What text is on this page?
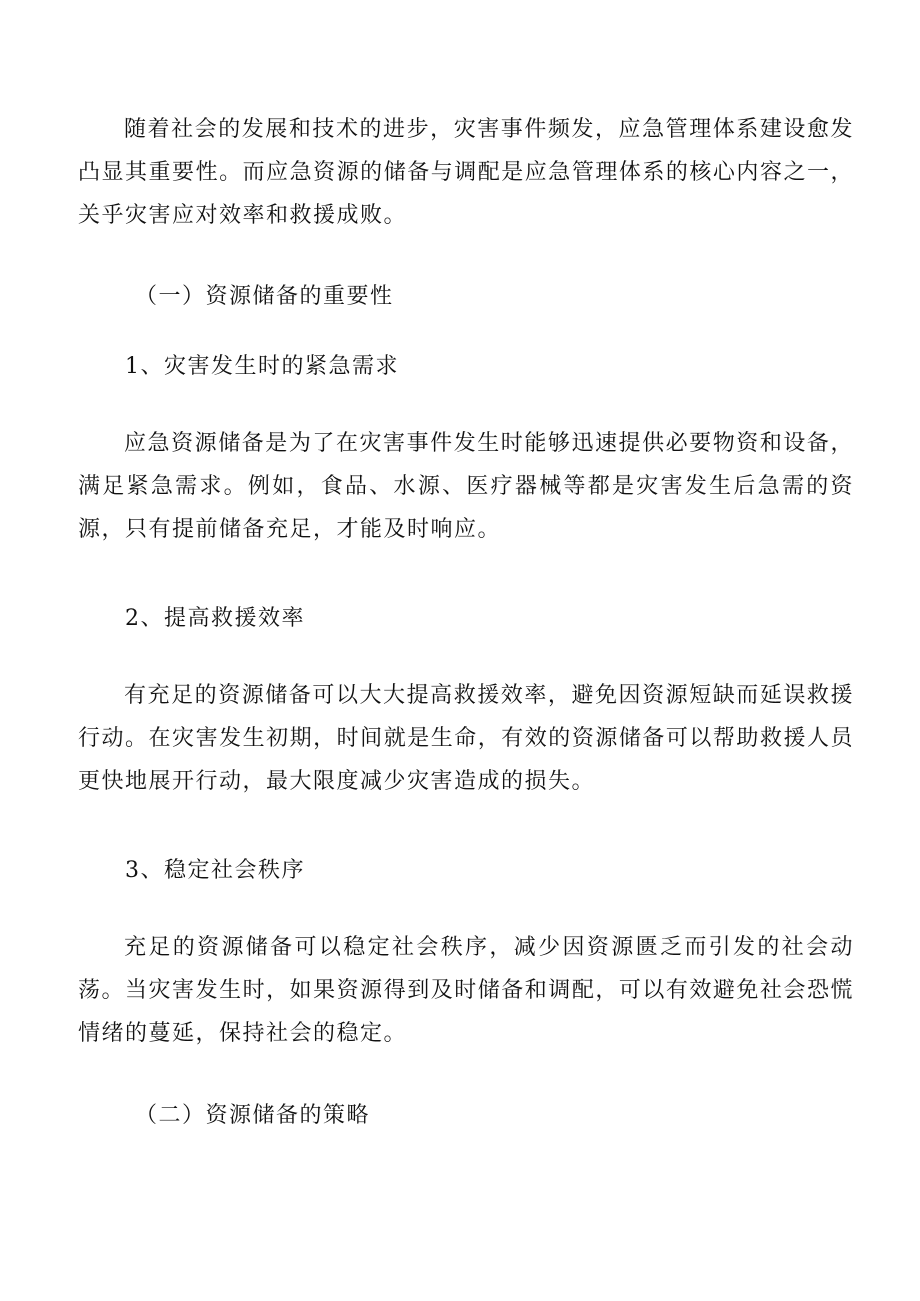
随着社会的发展和技术的进步，灾害事件频发，应急管理体系建设愈发凸显其重要性。而应急资源的储备与调配是应急管理体系的核心内容之一，关乎灾害应对效率和救援成败。

（一）资源储备的重要性
1、灾害发生时的紧急需求

应急资源储备是为了在灾害事件发生时能够迅速提供必要物资和设备，满足紧急需求。例如，食品、水源、医疗器械等都是灾害发生后急需的资源，只有提前储备充足，才能及时响应。

2、提高救援效率

有充足的资源储备可以大大提高救援效率，避免因资源短缺而延误救援行动。在灾害发生初期，时间就是生命，有效的资源储备可以帮助救援人员更快地展开行动，最大限度减少灾害造成的损失。

3、稳定社会秩序

充足的资源储备可以稳定社会秩序，减少因资源匮乏而引发的社会动荡。当灾害发生时，如果资源得到及时储备和调配，可以有效避免社会恐慌情绪的蔓延，保持社会的稳定。

（二）资源储备的策略
